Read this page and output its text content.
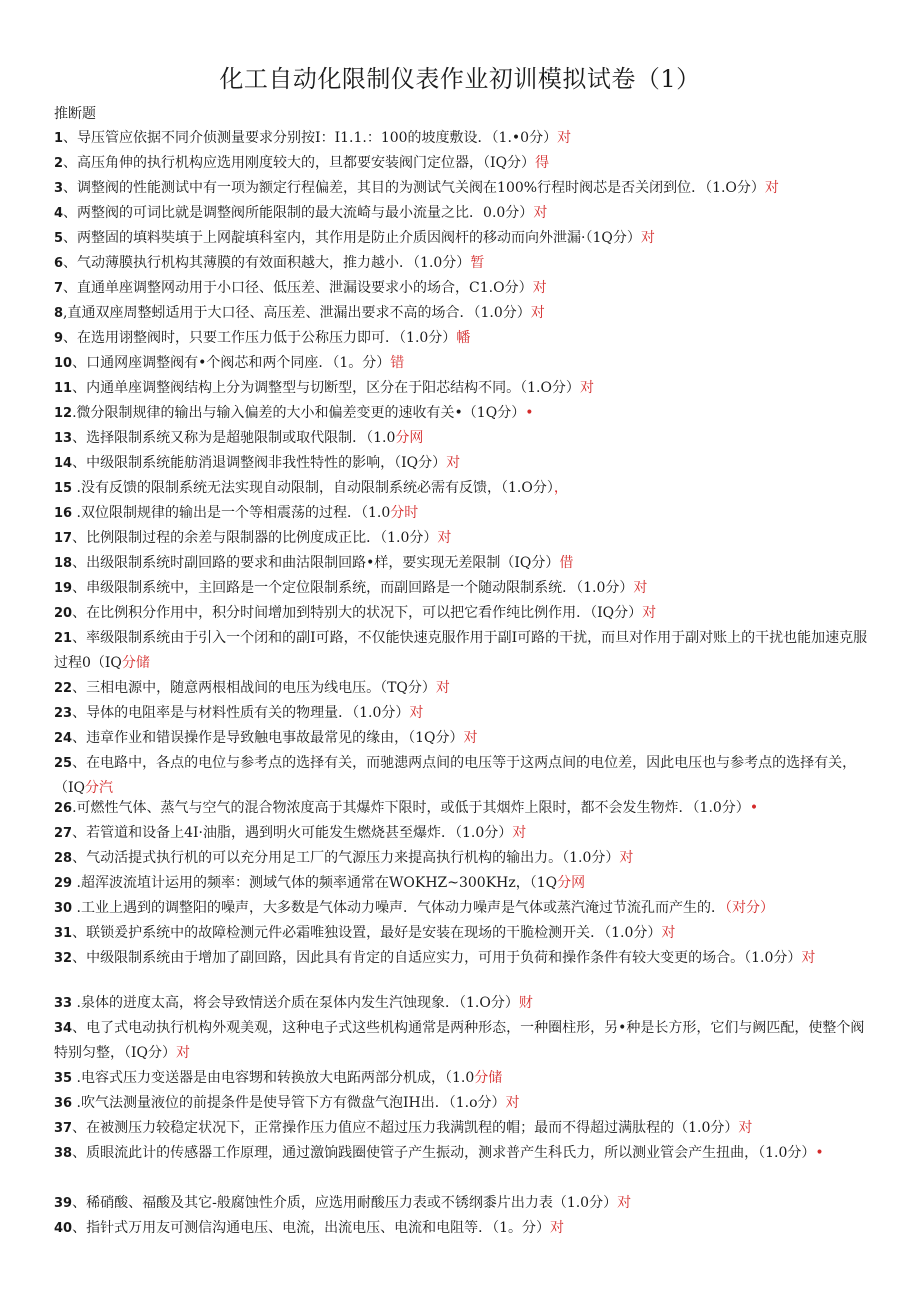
化工自动化限制仪表作业初训模拟试卷（1）
推断题
1、导压管应依据不同介侦测量要求分别按I：I1.1.：100的坡度敷设．（1.•0分）对
2、高压角伸的执行机构应选用刚度较大的，旦都要安装阀门定位器，（IQ分）得
3、调整阀的性能测试中有一项为额定行程偏差，其目的为测试气关阀在100%行程时阀芯是否关闭到位．（1.O分）对
4、两整阀的可词比就是调整阀所能限制的最大流崎与最小流量之比．0.0分）对
5、两整固的填料奘填于上网靛填科室内，其作用是防止介质因阀杆的移动而向外泄漏·（1Q分）对
6、气动薄膜执行机构其薄膜的有效面积越大，推力越小．（1.0分）暂
7、直通单座调整网动用于小口径、低压差、泄漏设要求小的场合，C1.O分）对
8,直通双座周整蚓适用于大口径、高压差、泄漏出要求不高的场合．（1.0分）对
9、在选用诩整阀时，只要工作压力低于公称压力即可．（1.0分）幡
10、口通网座调整阀有•个阀芯和两个同座．（1。分）错
11、内通单座调整阀结构上分为调整型与切断型，区分在于阳芯结构不同。（1.O分）对
12.微分限制规律的输出与输入偏差的大小和偏差变更的速收有关•（1Q分）•
13、选择限制系统又称为是超驰限制或取代限制．（1.0分网
14、中级限制系统能舫消退调整阀非我性特性的影响，（IQ分）对
15 .没有反馈的限制系统无法实现自动限制，自动限制系统必需有反馈，（1.O分），
16 .双位限制规律的输出是一个等相震荡的过程．（1.0分时
17、比例限制过程的余差与限制器的比例度成正比．（1.0分）对
18、出级限制系统时副回路的要求和曲沽限制回路•样，要实现无差限制（IQ分）借
19、串级限制系统中，主回路是一个定位限制系统，而副回路是一个随动限制系统．（1.0分）对
20、在比例积分作用中，积分时间增加到特别大的状况下，可以把它看作纯比例作用．（IQ分）对
21、率级限制系统由于引入一个闭和的副I可路，不仅能快速克服作用于副I可路的干扰，而旦对作用于副对账上的干扰也能加速克服过程0（IQ分储
22、三相电源中，随意两根相战间的电压为线电压。（TQ分）对
23、导体的电阻率是与材料性质有关的物理量．（1.0分）对
24、违章作业和错误操作是导致触电事故最常见的缘由，（1Q分）对
25、在电路中，各点的电位与参考点的选择有关，而驰漶两点间的电压等于这两点间的电位差，因此电压也与参考点的选择有关，（IQ分汽
26.可燃性气体、蒸气与空气的混合物浓度高于其爆炸下限时，或低于其烟炸上限时，都不会发生物炸．（1.0分）•
27、若管道和设备上4I·油脂，遇到明火可能发生燃烧甚至爆炸．（1.0分）对
28、气动活提式执行机的可以充分用足工厂的气源压力来提高执行机构的输出力。（1.0分）对
29 .超浑波流埴计运用的频率：测域气体的频率通常在WOKHZ~300KHz，（1Q分网
30 .工业上遇到的调整阳的噪声，大多数是气体动力噪声．气体动力噪声是气体或蒸汽淹过节流孔而产生的．（对分）
31、联锁爰护系统中的故障检测元件必霜唯独设置，最好是安装在现场的干脆检测开关．（1.0分）对
32、中级限制系统由于增加了副回路，因此具有肯定的自适应实力，可用于负荷和操作条件有较大变更的场合。（1.0分）对
33 .泉体的迸度太高，将会导致情送介质在泵体内发生汽蚀现象．（1.O分）财
34、电了式电动执行机构外观美观，这种电子式这些机构通常是两种形态，一种圈柱形，另•种是长方形，它们与阙匹配，使整个阀特别匀整，（IQ分）对
35 .电容式压力变送器是由电容甥和转换放大电跖两部分机成，（1.0分储
36 .吹气法测量液位的前提条件是使导管下方有微盘气泡IH出．（1.o分）对
37、在被测压力较稳定状况下，正常操作压力值应不超过压力我满凯程的帽；最而不得超过满肽程的（1.0分）对
38、质眼流此计的传感器工作原理，通过激饷践圈使管子产生振动，测求普产生科氏力，所以测业管会产生扭曲，（1.0分）•
39、稀硝酸、福酸及其它-般腐蚀性介质，应选用耐酸压力表或不锈纲黍片出力表（1.0分）对
40、指针式万用友可测信沟通电压、电流，出流电压、电流和电阻等．（1。分）对
